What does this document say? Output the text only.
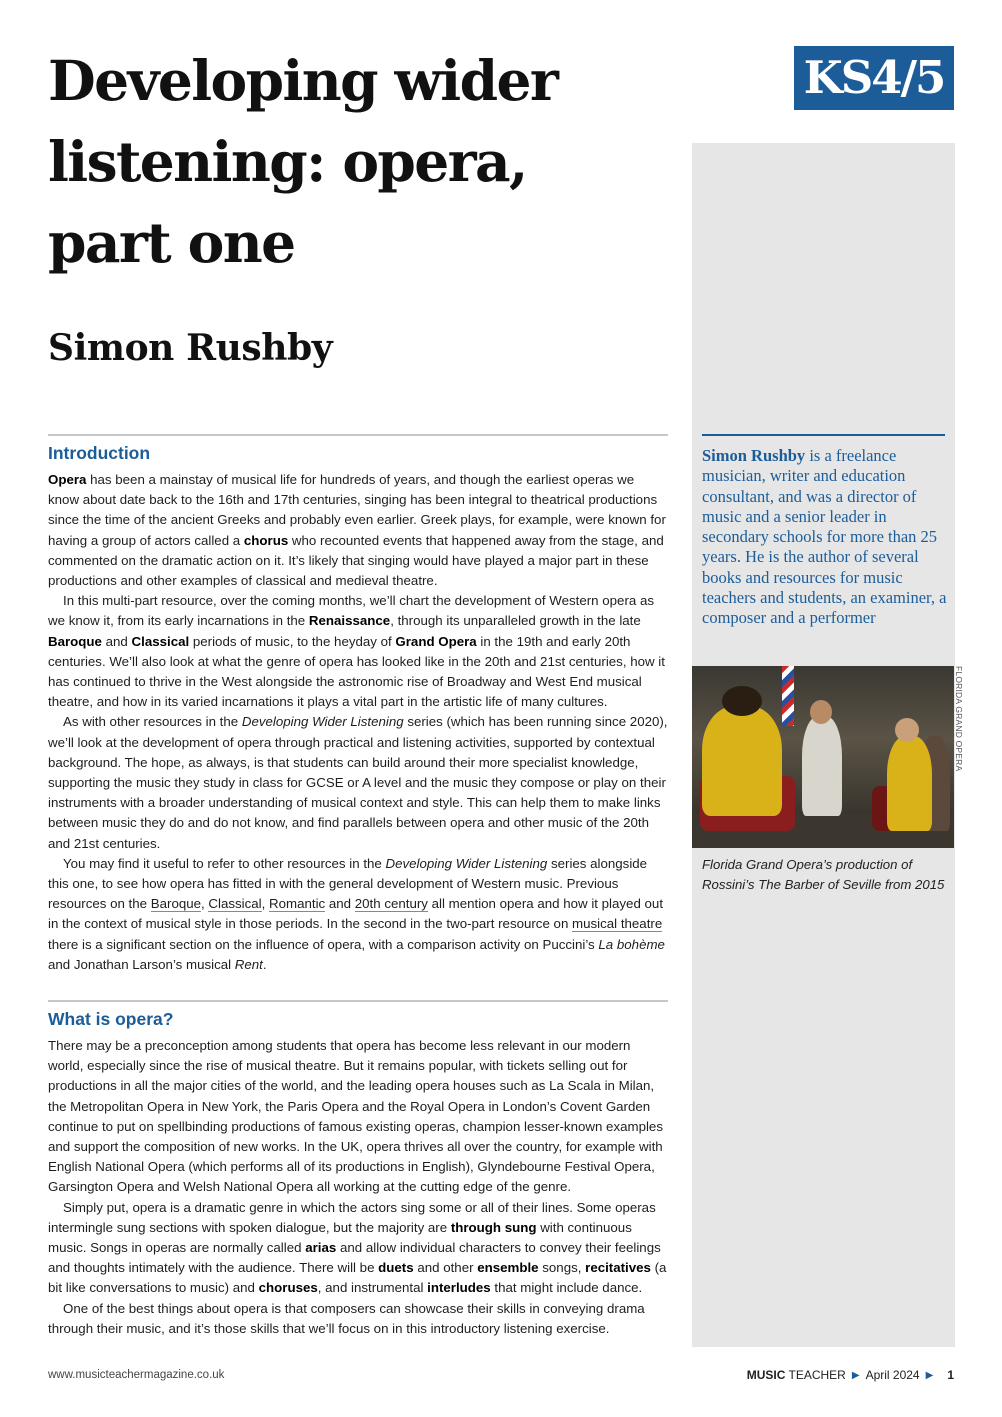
Developing wider listening: opera, part one
KS4/5
Simon Rushby
Simon Rushby is a freelance musician, writer and education consultant, and was a director of music and a senior leader in secondary schools for more than 25 years. He is the author of several books and resources for music teachers and students, an examiner, a composer and a performer
FLORIDA GRAND OPERA
Florida Grand Opera’s production of Rossini’s The Barber of Seville from 2015
Introduction

Opera has been a mainstay of musical life for hundreds of years, and though the earliest operas we know about date back to the 16th and 17th centuries, singing has been integral to theatrical productions since the time of the ancient Greeks and probably even earlier. Greek plays, for example, were known for having a group of actors called a chorus who recounted events that happened away from the stage, and commented on the dramatic action on it. It’s likely that singing would have played a major part in these productions and other examples of classical and medieval theatre.

In this multi-part resource, over the coming months, we’ll chart the development of Western opera as we know it, from its early incarnations in the Renaissance, through its unparalleled growth in the late Baroque and Classical periods of music, to the heyday of Grand Opera in the 19th and early 20th centuries. We’ll also look at what the genre of opera has looked like in the 20th and 21st centuries, how it has continued to thrive in the West alongside the astronomic rise of Broadway and West End musical theatre, and how in its varied incarnations it plays a vital part in the artistic life of many cultures.

As with other resources in the Developing Wider Listening series (which has been running since 2020), we’ll look at the development of opera through practical and listening activities, supported by contextual background. The hope, as always, is that students can build around their more specialist knowledge, supporting the music they study in class for GCSE or A level and the music they compose or play on their instruments with a broader understanding of musical context and style. This can help them to make links between music they do and do not know, and find parallels between opera and other music of the 20th and 21st centuries.

You may find it useful to refer to other resources in the Developing Wider Listening series alongside this one, to see how opera has fitted in with the general development of Western music. Previous resources on the Baroque, Classical, Romantic and 20th century all mention opera and how it played out in the context of musical style in those periods. In the second in the two-part resource on musical theatre there is a significant section on the influence of opera, with a comparison activity on Puccini’s La bohème and Jonathan Larson’s musical Rent.

What is opera?

There may be a preconception among students that opera has become less relevant in our modern world, especially since the rise of musical theatre. But it remains popular, with tickets selling out for productions in all the major cities of the world, and the leading opera houses such as La Scala in Milan, the Metropolitan Opera in New York, the Paris Opera and the Royal Opera in London’s Covent Garden continue to put on spellbinding productions of famous existing operas, champion lesser-known examples and support the composition of new works. In the UK, opera thrives all over the country, for example with English National Opera (which performs all of its productions in English), Glyndebourne Festival Opera, Garsington Opera and Welsh National Opera all working at the cutting edge of the genre.

Simply put, opera is a dramatic genre in which the actors sing some or all of their lines. Some operas intermingle sung sections with spoken dialogue, but the majority are through sung with continuous music. Songs in operas are normally called arias and allow individual characters to convey their feelings and thoughts intimately with the audience. There will be duets and other ensemble songs, recitatives (a bit like conversations to music) and choruses, and instrumental interludes that might include dance.

One of the best things about opera is that composers can showcase their skills in conveying drama through their music, and it’s those skills that we’ll focus on in this introductory listening exercise.

www.musicteachermagazine.co.uk	MUSIC TEACHER ▶ April 2024 ▶ 1
